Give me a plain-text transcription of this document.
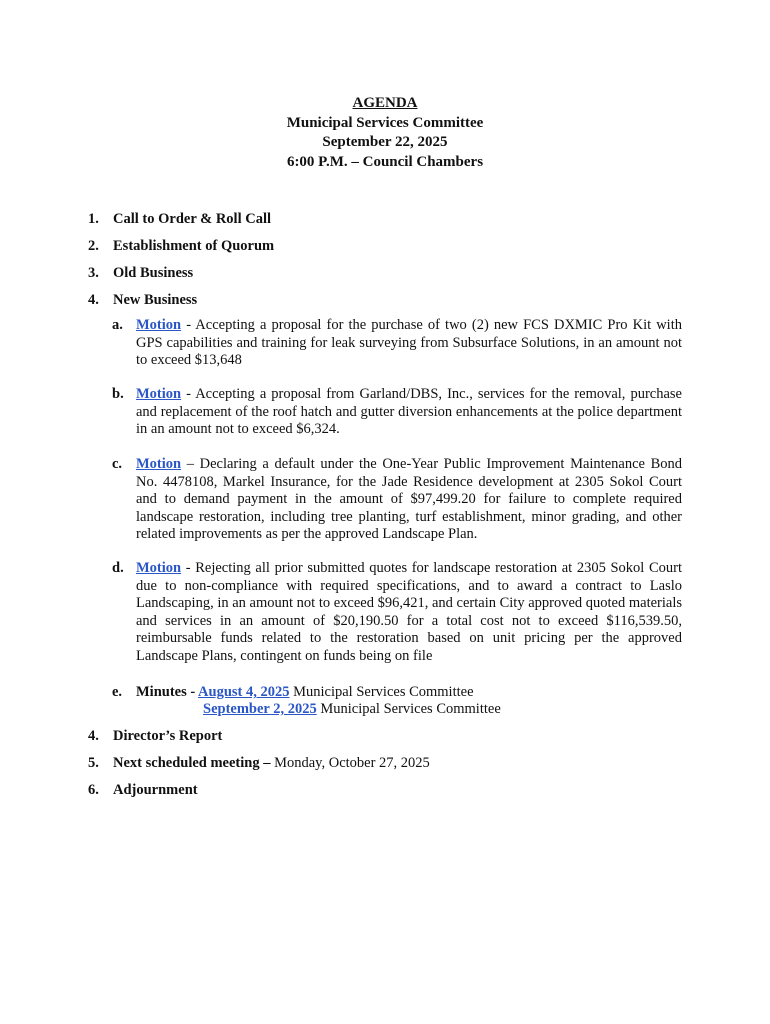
AGENDA
Municipal Services Committee
September 22, 2025
6:00 P.M. – Council Chambers
1. Call to Order & Roll Call
2. Establishment of Quorum
3. Old Business
4. New Business
a. Motion - Accepting a proposal for the purchase of two (2) new FCS DXMIC Pro Kit with GPS capabilities and training for leak surveying from Subsurface Solutions, in an amount not to exceed $13,648
b. Motion - Accepting a proposal from Garland/DBS, Inc., services for the removal, purchase and replacement of the roof hatch and gutter diversion enhancements at the police department in an amount not to exceed $6,324.
c. Motion – Declaring a default under the One-Year Public Improvement Maintenance Bond No. 4478108, Markel Insurance, for the Jade Residence development at 2305 Sokol Court and to demand payment in the amount of $97,499.20 for failure to complete required landscape restoration, including tree planting, turf establishment, minor grading, and other related improvements as per the approved Landscape Plan.
d. Motion - Rejecting all prior submitted quotes for landscape restoration at 2305 Sokol Court due to non-compliance with required specifications, and to award a contract to Laslo Landscaping, in an amount not to exceed $96,421, and certain City approved quoted materials and services in an amount of $20,190.50 for a total cost not to exceed $116,539.50, reimbursable funds related to the restoration based on unit pricing per the approved Landscape Plans, contingent on funds being on file
e. Minutes - August 4, 2025 Municipal Services Committee
September 2, 2025 Municipal Services Committee
4. Director’s Report
5. Next scheduled meeting – Monday, October 27, 2025
6. Adjournment
